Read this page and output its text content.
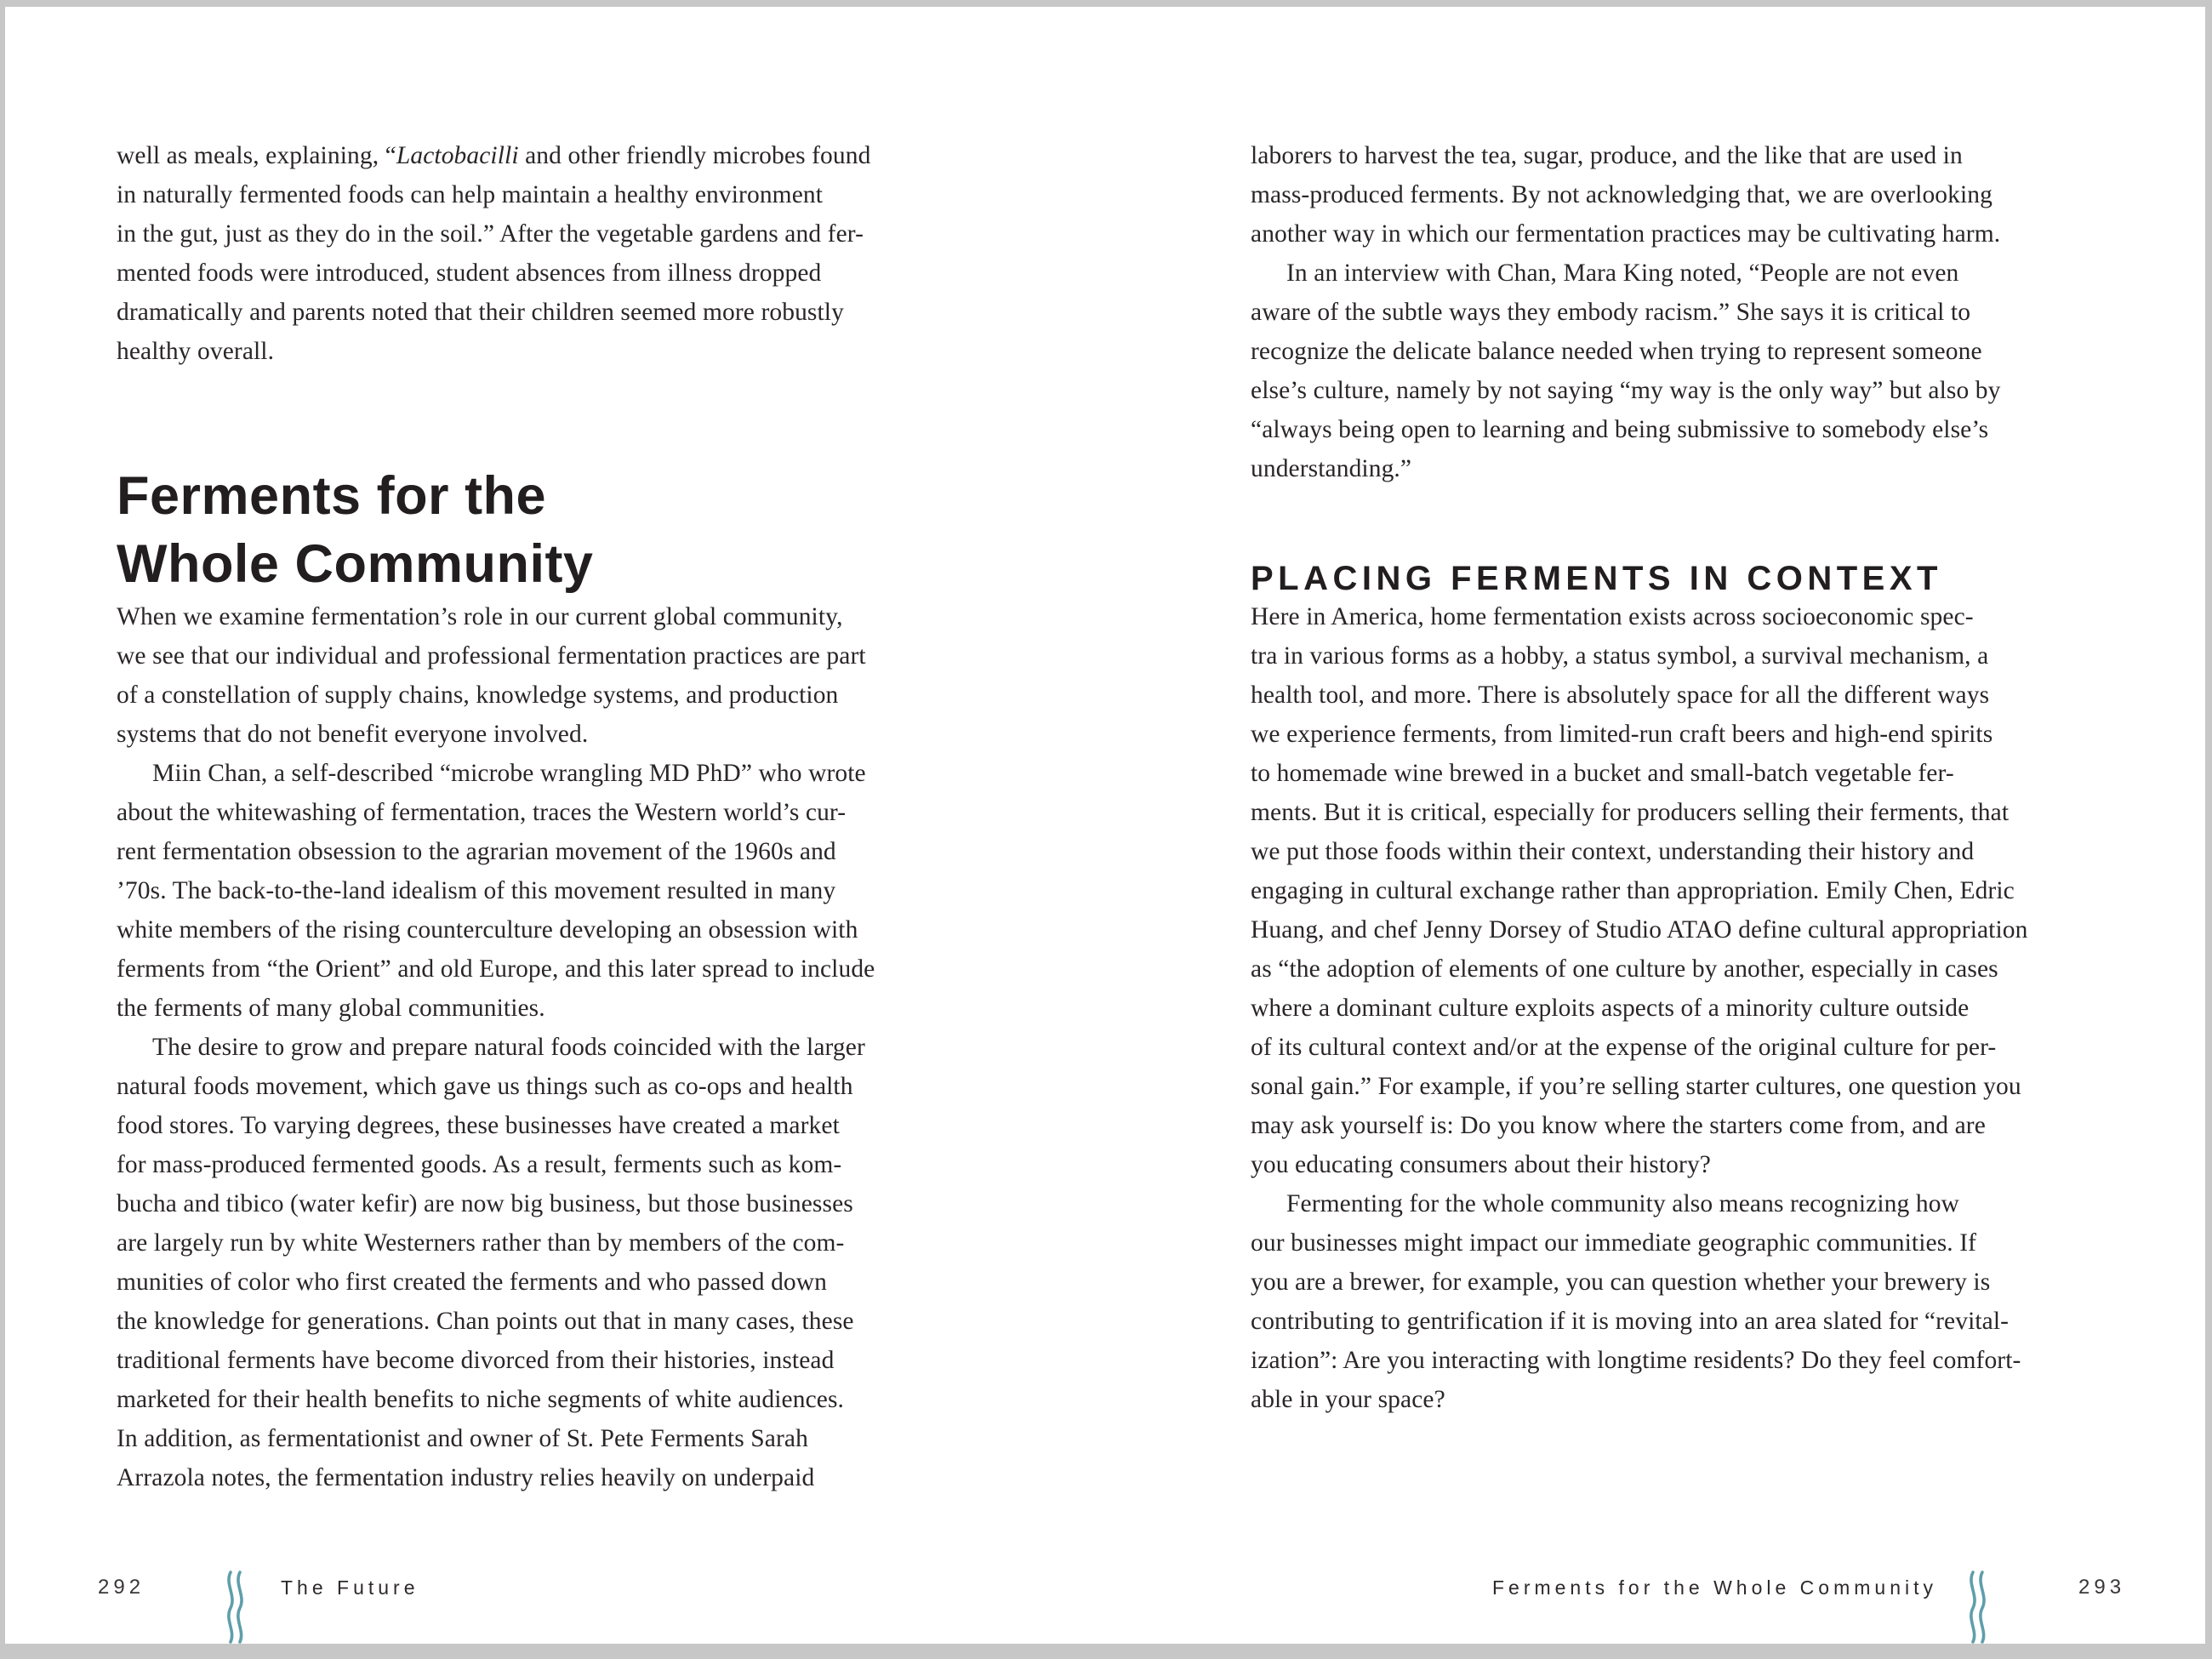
well as meals, explaining, “Lactobacilli and other friendly microbes found
in naturally fermented foods can help maintain a healthy environment
in the gut, just as they do in the soil.” After the vegetable gardens and fer-
mented foods were introduced, student absences from illness dropped
dramatically and parents noted that their children seemed more robustly
healthy overall.
Ferments for the
Whole Community
When we examine fermentation’s role in our current global community,
we see that our individual and professional fermentation practices are part
of a constellation of supply chains, knowledge systems, and production
systems that do not benefit everyone involved.
Miin Chan, a self-described “microbe wrangling MD PhD” who wrote
about the whitewashing of fermentation, traces the Western world’s cur-
rent fermentation obsession to the agrarian movement of the 1960s and
’70s. The back-to-the-land idealism of this movement resulted in many
white members of the rising counterculture developing an obsession with
ferments from “the Orient” and old Europe, and this later spread to include
the ferments of many global communities.
The desire to grow and prepare natural foods coincided with the larger
natural foods movement, which gave us things such as co-ops and health
food stores. To varying degrees, these businesses have created a market
for mass-produced fermented goods. As a result, ferments such as kom-
bucha and tibico (water kefir) are now big business, but those businesses
are largely run by white Westerners rather than by members of the com-
munities of color who first created the ferments and who passed down
the knowledge for generations. Chan points out that in many cases, these
traditional ferments have become divorced from their histories, instead
marketed for their health benefits to niche segments of white audiences.
In addition, as fermentationist and owner of St. Pete Ferments Sarah
Arrazola notes, the fermentation industry relies heavily on underpaid
292	The Future
laborers to harvest the tea, sugar, produce, and the like that are used in
mass-produced ferments. By not acknowledging that, we are overlooking
another way in which our fermentation practices may be cultivating harm.
In an interview with Chan, Mara King noted, “People are not even
aware of the subtle ways they embody racism.” She says it is critical to
recognize the delicate balance needed when trying to represent someone
else’s culture, namely by not saying “my way is the only way” but also by
“always being open to learning and being submissive to somebody else’s
understanding.”
PLACING FERMENTS IN CONTEXT
Here in America, home fermentation exists across socioeconomic spec-
tra in various forms as a hobby, a status symbol, a survival mechanism, a
health tool, and more. There is absolutely space for all the different ways
we experience ferments, from limited-run craft beers and high-end spirits
to homemade wine brewed in a bucket and small-batch vegetable fer-
ments. But it is critical, especially for producers selling their ferments, that
we put those foods within their context, understanding their history and
engaging in cultural exchange rather than appropriation. Emily Chen, Edric
Huang, and chef Jenny Dorsey of Studio ATAO define cultural appropriation
as “the adoption of elements of one culture by another, especially in cases
where a dominant culture exploits aspects of a minority culture outside
of its cultural context and/or at the expense of the original culture for per-
sonal gain.” For example, if you’re selling starter cultures, one question you
may ask yourself is: Do you know where the starters come from, and are
you educating consumers about their history?
Fermenting for the whole community also means recognizing how
our businesses might impact our immediate geographic communities. If
you are a brewer, for example, you can question whether your brewery is
contributing to gentrification if it is moving into an area slated for “revital-
ization”: Are you interacting with longtime residents? Do they feel comfort-
able in your space?
Ferments for the Whole Community	293
